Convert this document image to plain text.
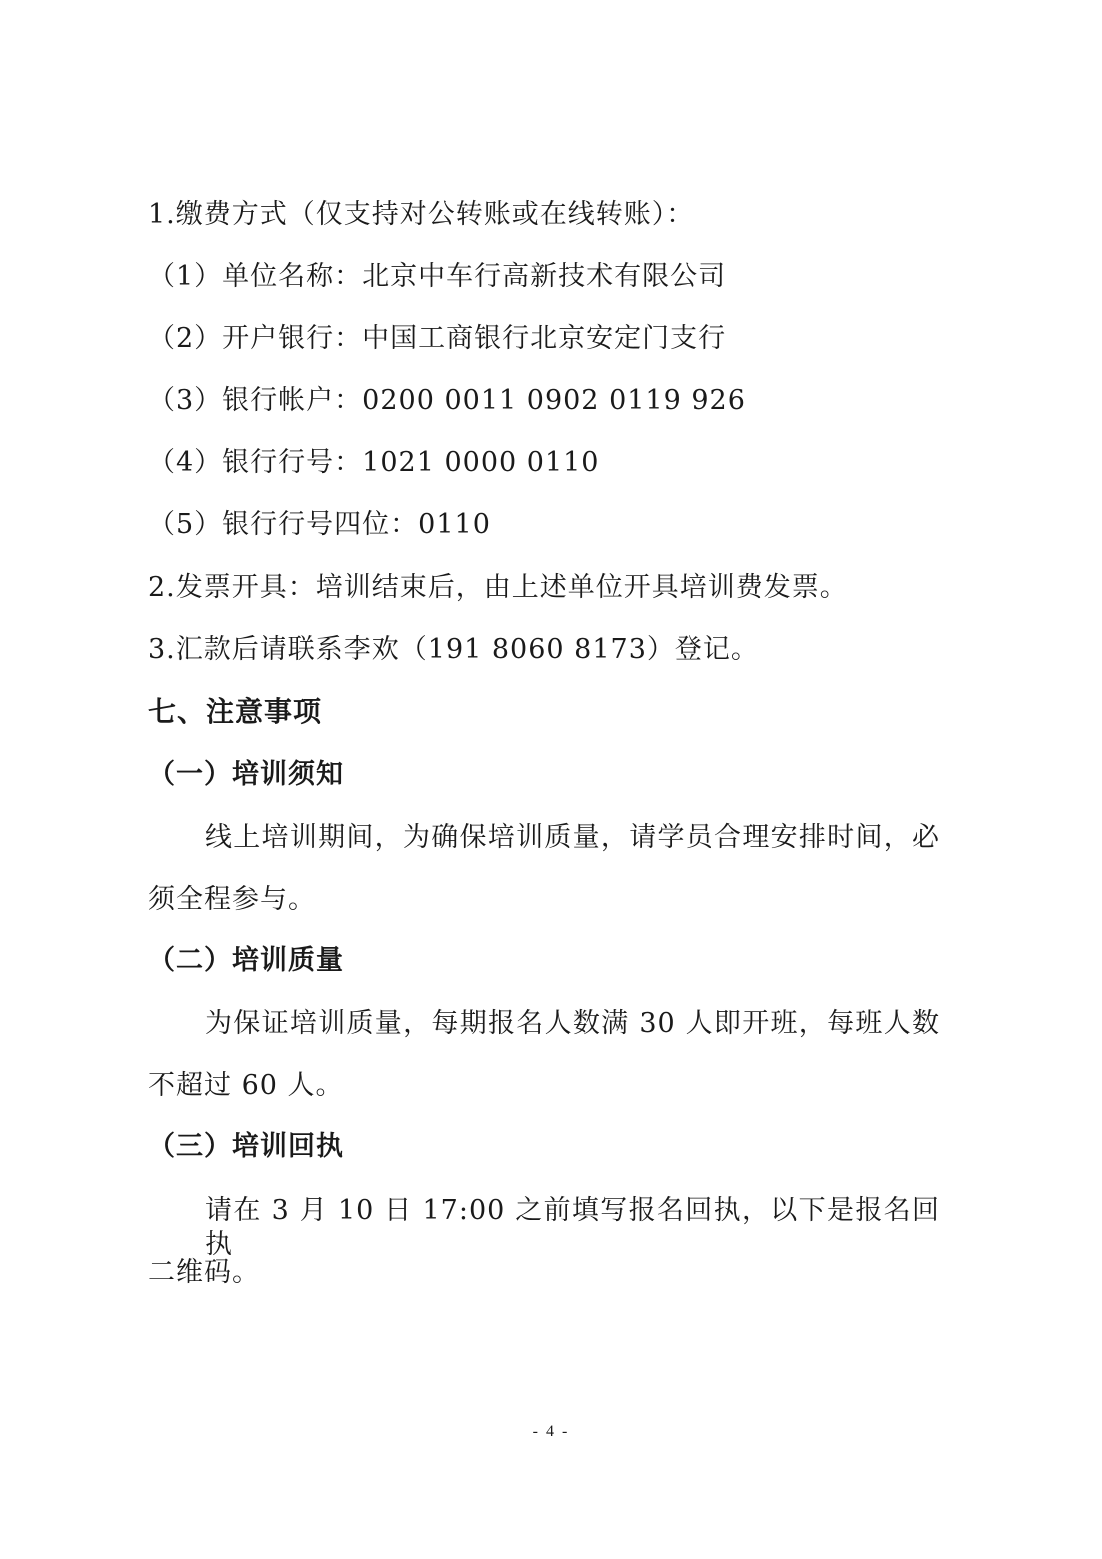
1.缴费方式（仅支持对公转账或在线转账）：
（1）单位名称：北京中车行高新技术有限公司
（2）开户银行：中国工商银行北京安定门支行
（3）银行帐户：0200 0011 0902 0119 926
（4）银行行号：1021 0000 0110
（5）银行行号四位：0110
2.发票开具：培训结束后，由上述单位开具培训费发票。
3.汇款后请联系李欢（191 8060 8173）登记。
七、注意事项
（一）培训须知
线上培训期间，为确保培训质量，请学员合理安排时间，必
须全程参与。
（二）培训质量
为保证培训质量，每期报名人数满 30 人即开班，每班人数
不超过 60 人。
（三）培训回执
请在 3 月 10 日 17:00 之前填写报名回执，以下是报名回执
二维码。
- 4 -
